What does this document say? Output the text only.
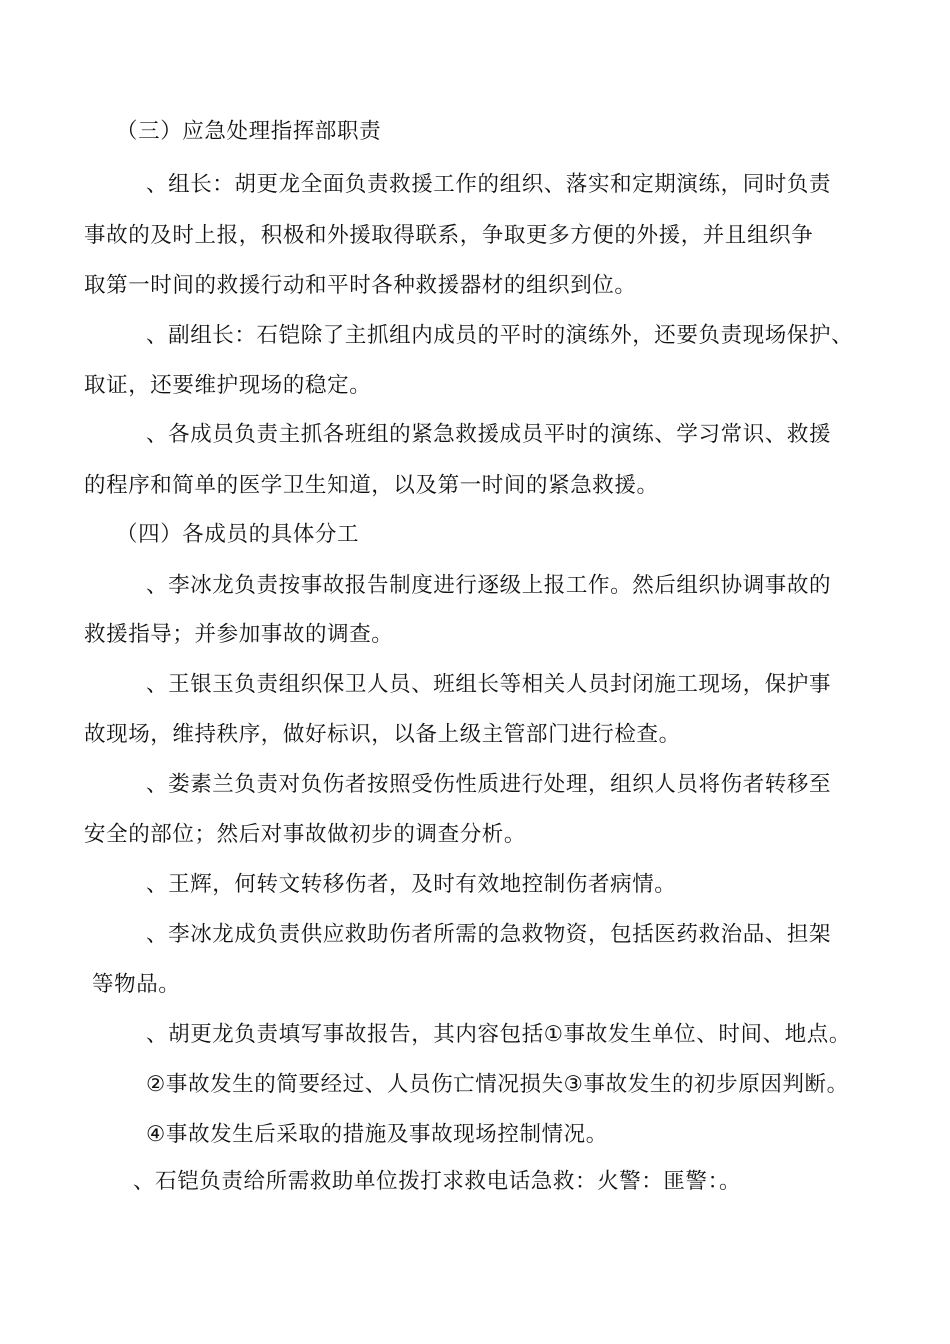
（三）应急处理指挥部职责
、组长：胡更龙全面负责救援工作的组织、落实和定期演练，同时负责
事故的及时上报，积极和外援取得联系，争取更多方便的外援，并且组织争
取第一时间的救援行动和平时各种救援器材的组织到位。
、副组长：石铠除了主抓组内成员的平时的演练外，还要负责现场保护、
取证，还要维护现场的稳定。
、各成员负责主抓各班组的紧急救援成员平时的演练、学习常识、救援
的程序和简单的医学卫生知道，以及第一时间的紧急救援。
（四）各成员的具体分工
、李冰龙负责按事故报告制度进行逐级上报工作。然后组织协调事故的
救援指导；并参加事故的调查。
、王银玉负责组织保卫人员、班组长等相关人员封闭施工现场，保护事
故现场，维持秩序，做好标识，以备上级主管部门进行检查。
、娄素兰负责对负伤者按照受伤性质进行处理，组织人员将伤者转移至
安全的部位；然后对事故做初步的调查分析。
、王辉，何转文转移伤者，及时有效地控制伤者病情。
、李冰龙成负责供应救助伤者所需的急救物资，包括医药救治品、担架
等物品。
、胡更龙负责填写事故报告，其内容包括①事故发生单位、时间、地点。
②事故发生的简要经过、人员伤亡情况损失③事故发生的初步原因判断。
④事故发生后采取的措施及事故现场控制情况。
、石铠负责给所需救助单位拨打求救电话急救：火警：匪警：。
